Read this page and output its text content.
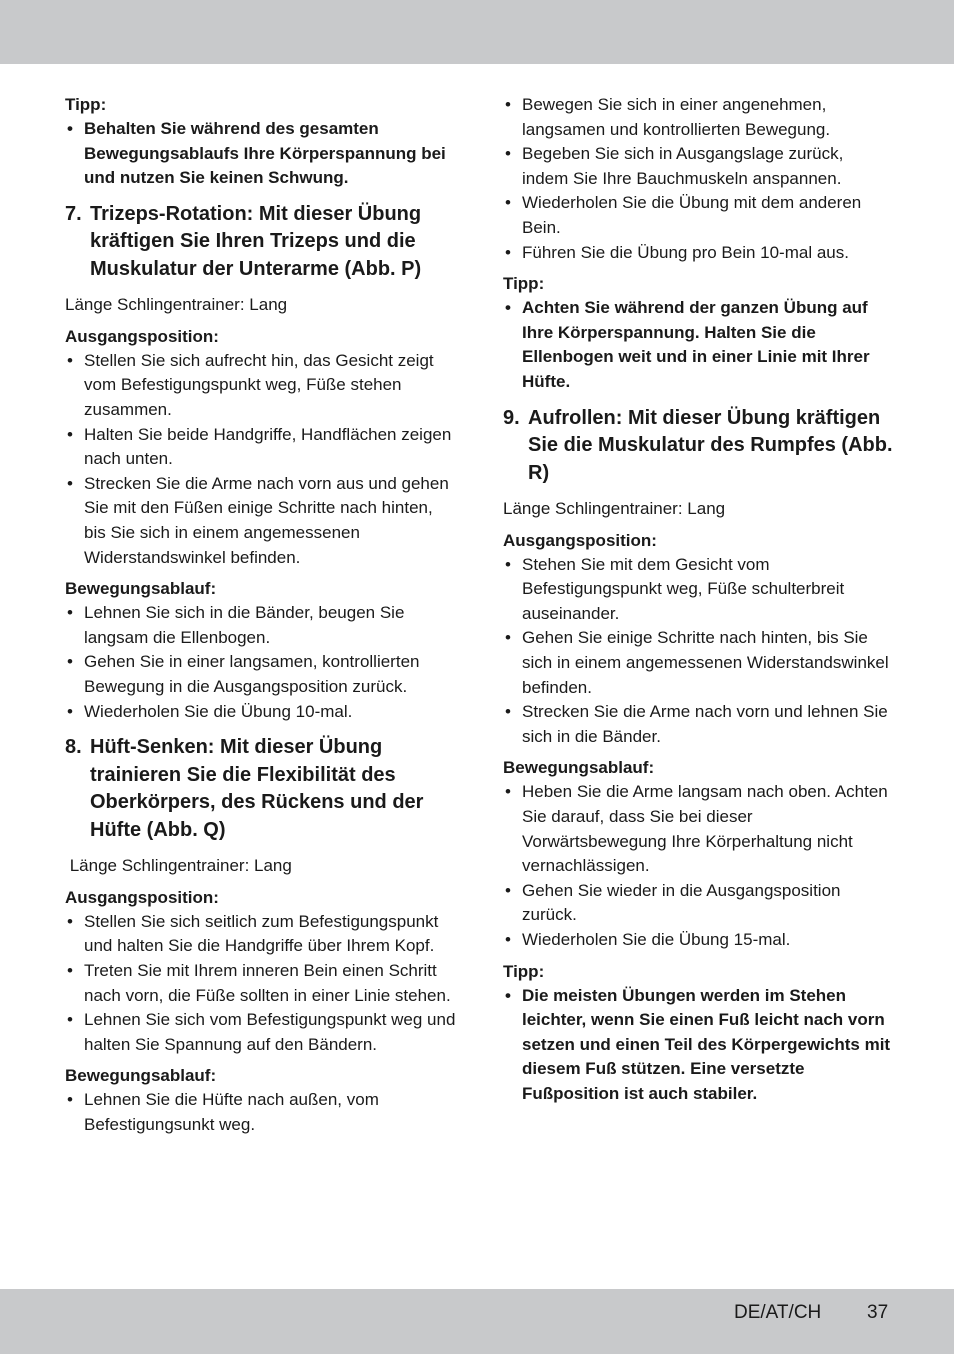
Tipp:

• Behalten Sie während des gesamten Bewegungsablaufs Ihre Körperspannung bei und nutzen Sie keinen Schwung.
7. Trizeps-Rotation: Mit dieser Übung kräftigen Sie Ihren Trizeps und die Muskulatur der Unterarme (Abb. P)

Länge Schlingentrainer: Lang

Ausgangsposition:

• Stellen Sie sich aufrecht hin, das Gesicht zeigt vom Befestigungspunkt weg, Füße stehen zusammen.
• Halten Sie beide Handgriffe, Handflächen zeigen nach unten.
• Strecken Sie die Arme nach vorn aus und gehen Sie mit den Füßen einige Schritte nach hinten, bis Sie sich in einem angemessenen Widerstandswinkel befinden.

Bewegungsablauf:

• Lehnen Sie sich in die Bänder, beugen Sie langsam die Ellenbogen.
• Gehen Sie in einer langsamen, kontrollierten Bewegung in die Ausgangsposition zurück.
• Wiederholen Sie die Übung 10-mal.
8. Hüft-Senken: Mit dieser Übung trainieren Sie die Flexibilität des Oberkörpers, des Rückens und der Hüfte (Abb. Q)

Länge Schlingentrainer: Lang

Ausgangsposition:

• Stellen Sie sich seitlich zum Befestigungspunkt und halten Sie die Handgriffe über Ihrem Kopf.
• Treten Sie mit Ihrem inneren Bein einen Schritt nach vorn, die Füße sollten in einer Linie stehen.
• Lehnen Sie sich vom Befestigungspunkt weg und halten Sie Spannung auf den Bändern.

Bewegungsablauf:

• Lehnen Sie die Hüfte nach außen, vom Befestigungsunkt weg.
• Bewegen Sie sich in einer angenehmen, langsamen und kontrollierten Bewegung.
• Begeben Sie sich in Ausgangslage zurück, indem Sie Ihre Bauchmuskeln anspannen.
• Wiederholen Sie die Übung mit dem anderen Bein.
• Führen Sie die Übung pro Bein 10-mal aus.

Tipp:

• Achten Sie während der ganzen Übung auf Ihre Körperspannung. Halten Sie die Ellenbogen weit und in einer Linie mit Ihrer Hüfte.
9. Aufrollen: Mit dieser Übung kräftigen Sie die Muskulatur des Rumpfes (Abb. R)

Länge Schlingentrainer: Lang

Ausgangsposition:

• Stehen Sie mit dem Gesicht vom Befestigungspunkt weg, Füße schulterbreit auseinander.
• Gehen Sie einige Schritte nach hinten, bis Sie sich in einem angemessenen Widerstandswinkel befinden.
• Strecken Sie die Arme nach vorn und lehnen Sie sich in die Bänder.

Bewegungsablauf:

• Heben Sie die Arme langsam nach oben. Achten Sie darauf, dass Sie bei dieser Vorwärtsbewegung Ihre Körperhaltung nicht vernachlässigen.
• Gehen Sie wieder in die Ausgangsposition zurück.
• Wiederholen Sie die Übung 15-mal.

Tipp:

• Die meisten Übungen werden im Stehen leichter, wenn Sie einen Fuß leicht nach vorn setzen und einen Teil des Körpergewichts mit diesem Fuß stützen. Eine versetzte Fußposition ist auch stabiler.
DE/AT/CH 37
